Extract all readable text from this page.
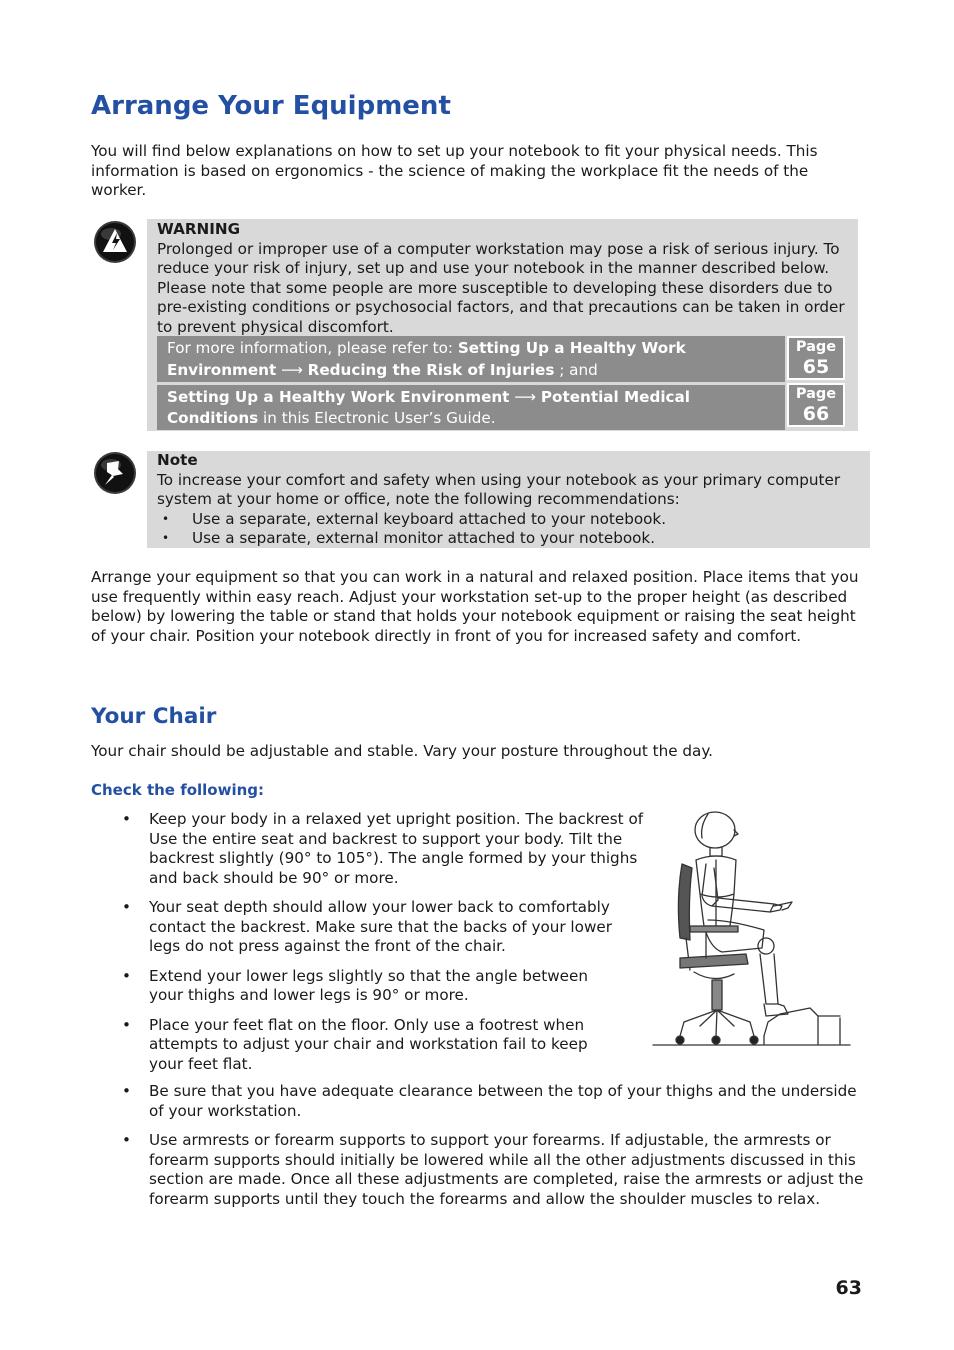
Arrange Your Equipment

You will find below explanations on how to set up your notebook to fit your physical needs. This information is based on ergonomics - the science of making the workplace fit the needs of the worker.

WARNING

Prolonged or improper use of a computer workstation may pose a risk of serious injury. To reduce your risk of injury, set up and use your notebook in the manner described below. Please note that some people are more susceptible to developing these disorders due to pre-existing conditions or psychosocial factors, and that precautions can be taken in order to prevent physical discomfort.

For more information, please refer to: Setting Up a Healthy Work Environment ⟶ Reducing the Risk of Injuries ; and
Page
65
Setting Up a Healthy Work Environment ⟶ Potential Medical Conditions in this Electronic User’s Guide.
Page
66
Note

To increase your comfort and safety when using your notebook as your primary computer system at your home or office, note the following recommendations:

• Use a separate, external keyboard attached to your notebook.
• Use a separate, external monitor attached to your notebook.

Arrange your equipment so that you can work in a natural and relaxed position. Place items that you use frequently within easy reach. Adjust your workstation set-up to the proper height (as described below) by lowering the table or stand that holds your notebook equipment or raising the seat height of your chair. Position your notebook directly in front of you for increased safety and comfort.

Your Chair

Your chair should be adjustable and stable. Vary your posture throughout the day.

Check the following:
• Keep your body in a relaxed yet upright position. The backrest of Use the entire seat and backrest to support your body. Tilt the backrest slightly (90° to 105°). The angle formed by your thighs and back should be 90° or more.
• Your seat depth should allow your lower back to comfortably contact the backrest. Make sure that the backs of your lower legs do not press against the front of the chair.
• Extend your lower legs slightly so that the angle between your thighs and lower legs is 90° or more.
• Place your feet flat on the floor. Only use a footrest when attempts to adjust your chair and workstation fail to keep your feet flat.
• Be sure that you have adequate clearance between the top of your thighs and the underside of your workstation.
• Use armrests or forearm supports to support your forearms. If adjustable, the armrests or forearm supports should initially be lowered while all the other adjustments discussed in this section are made. Once all these adjustments are completed, raise the armrests or adjust the forearm supports until they touch the forearms and allow the shoulder muscles to relax.
63
